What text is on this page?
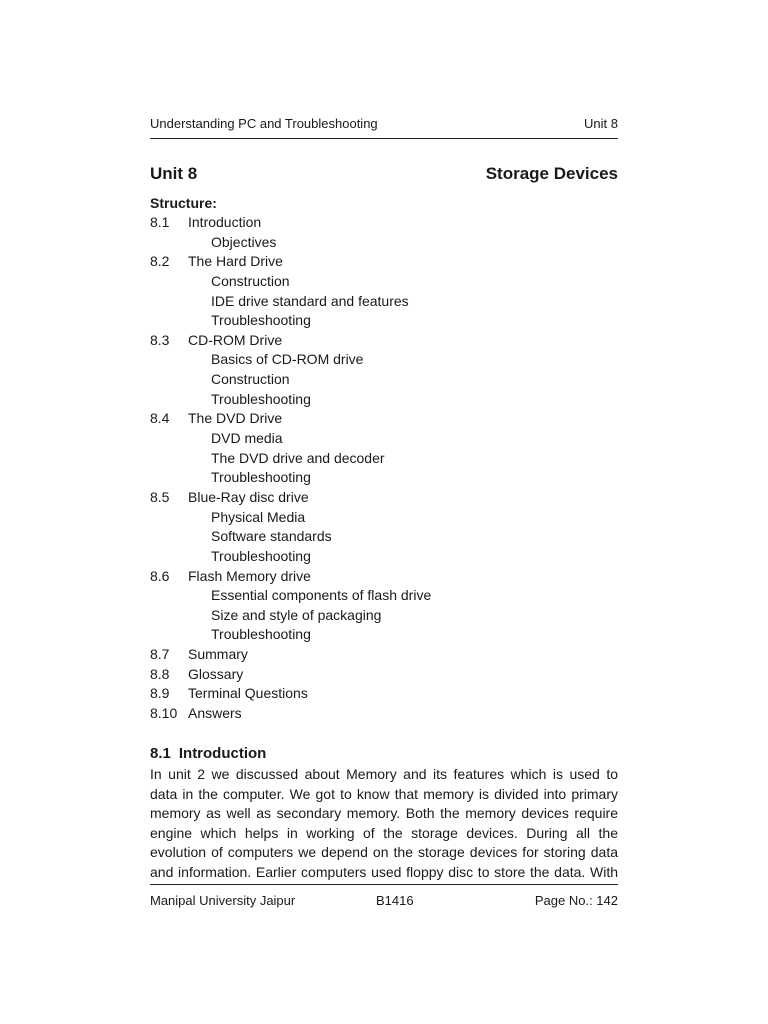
Understanding PC and Troubleshooting	Unit 8
Unit 8	Storage Devices
Structure:
8.1 Introduction
Objectives
8.2 The Hard Drive
Construction
IDE drive standard and features
Troubleshooting
8.3 CD-ROM Drive
Basics of CD-ROM drive
Construction
Troubleshooting
8.4 The DVD Drive
DVD media
The DVD drive and decoder
Troubleshooting
8.5 Blue-Ray disc drive
Physical Media
Software standards
Troubleshooting
8.6 Flash Memory drive
Essential components of flash drive
Size and style of packaging
Troubleshooting
8.7 Summary
8.8 Glossary
8.9 Terminal Questions
8.10 Answers
8.1 Introduction
In unit 2 we discussed about Memory and its features which is used to
data in the computer. We got to know that memory is divided into primary
memory as well as secondary memory. Both the memory devices require
engine which helps in working of the storage devices. During all the
evolution of computers we depend on the storage devices for storing data
and information. Earlier computers used floppy disc to store the data. With
Manipal University Jaipur	B1416	Page No.: 142
